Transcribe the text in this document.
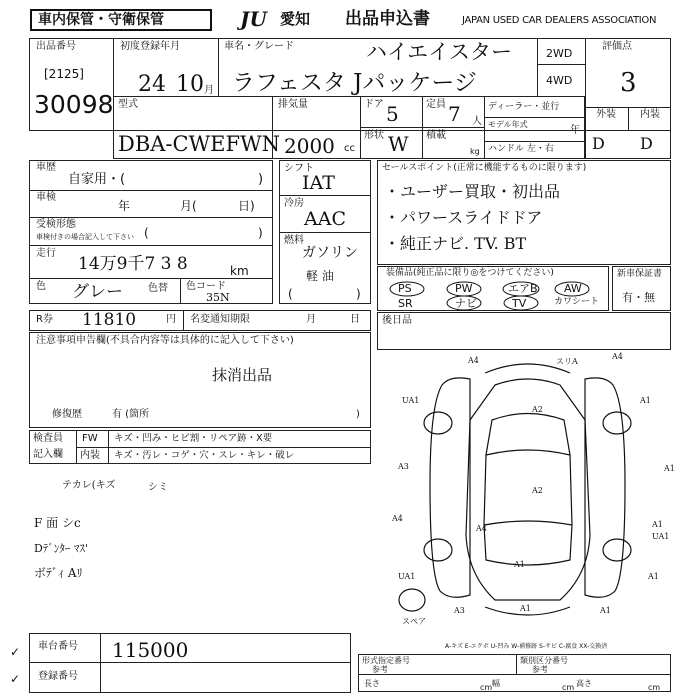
車内保管・守衛保管	JU 愛知 出品申込書	JAPAN USED CAR DEALERS ASSOCIATION
出品番号
[2125]
30098
初度登録年月
24 10 月
車名・グレード	ハイエイスター
ラフェスタ Jパッケージ
2WD
4WD
評価点
3
外装 内装
D D
型式
DBA-CWEFWN
排気量
2000 cc
ドア 5	定員 7 人
形状 W 積載
kg
ディーラー・並行
モデル年式
年
ハンドル 左・右
車歴
自家用・(	)
車検
年	月(	日)
受検形態
車検付きの場合記入して下さい (	)
走行
14万9千7 3 8	km
色 グレー	色替 色コード
35N
シフト
IAT
冷房
AAC
燃料
ガソリン
軽 油
(	)
セールスポイント(正常に機能するものに限ります)
・ユーザー買取・初出品
・パワースライドドア
・純正ナビ. TV. BT
装備品(純正品に限り◎をつけてください)
PS	PW	エアB AW
SR	ナビ	TV	カワシート
新車保証書
有・無
R券 11810	円 名変通知期限	月	日 後日品
注意事項申告欄(不具合内容等は具体的に記入して下さい)
抹消出品
修復歴	有 (箇所	)
検査員
記入欄
FW キズ・凹み・ヒビ割・リペア跡・X要
内装 キズ・汚レ・コゲ・穴・スレ・キレ・破レ
テカレ(キズ	シミ
F 面 シc
Dﾃﾞﾝﾀｰ ﾏｽ'
ボﾃﾞｨ Aﾘ
A4	スリA
A4
UA1
A2
A1
A3
A2
A1
A4
A4	A1
UA1
A1
A1
UA1
A3	A1	A1
スペア
A-キズ E-エクボ U-凹み W-補修跡 S-サビ C-腐食 XX-交換済
✓
✓
車台番号 115000
登録番号
形式指定番号
参考
類別区分番号
参考
長さ	cm 幅	cm 高さ	cm
